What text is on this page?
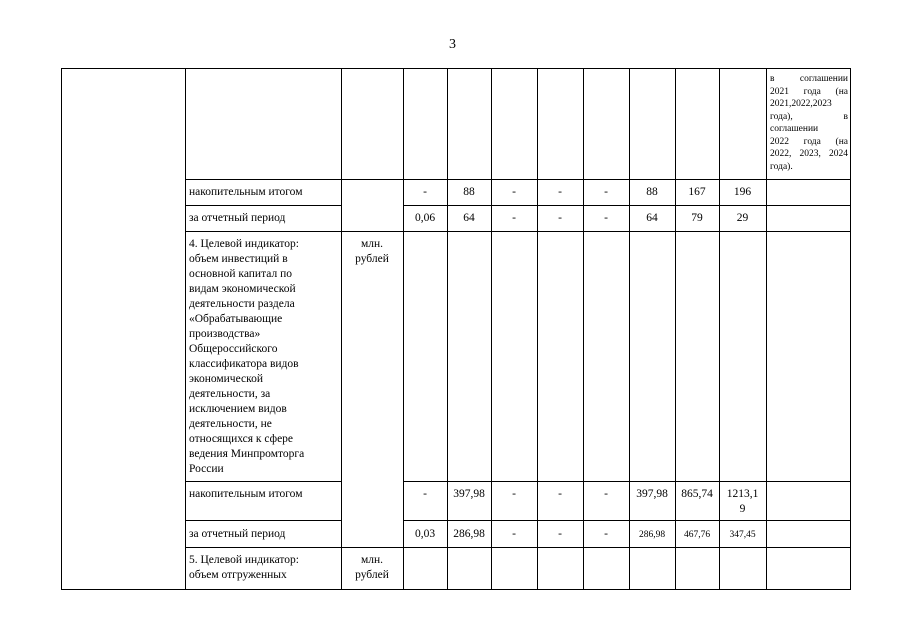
3
в соглашении
2021 года (на
2021,2022,2023
года), в
соглашении
2022 года (на
2022, 2023, 2024
года).
накопительным итогом	-	88	-	-	-	88	167	196
за отчетный период	0,06	64	-	-	-	64	79	29
4. Целевой индикатор:
объем инвестиций в
основной капитал по
видам экономической
деятельности раздела
«Обрабатывающие
производства»
Общероссийского
классификатора видов
экономической
деятельности, за
исключением видов
деятельности, не
относящихся к сфере
ведения Минпромторга
России
млн.
рублей
накопительным итогом	-	397,98	-	-	-	397,98	865,74	1213,1
9
за отчетный период	0,03	286,98	-	-	-	286,98	467,76	347,45
5. Целевой индикатор:
объем отгруженных
млн.
рублей
